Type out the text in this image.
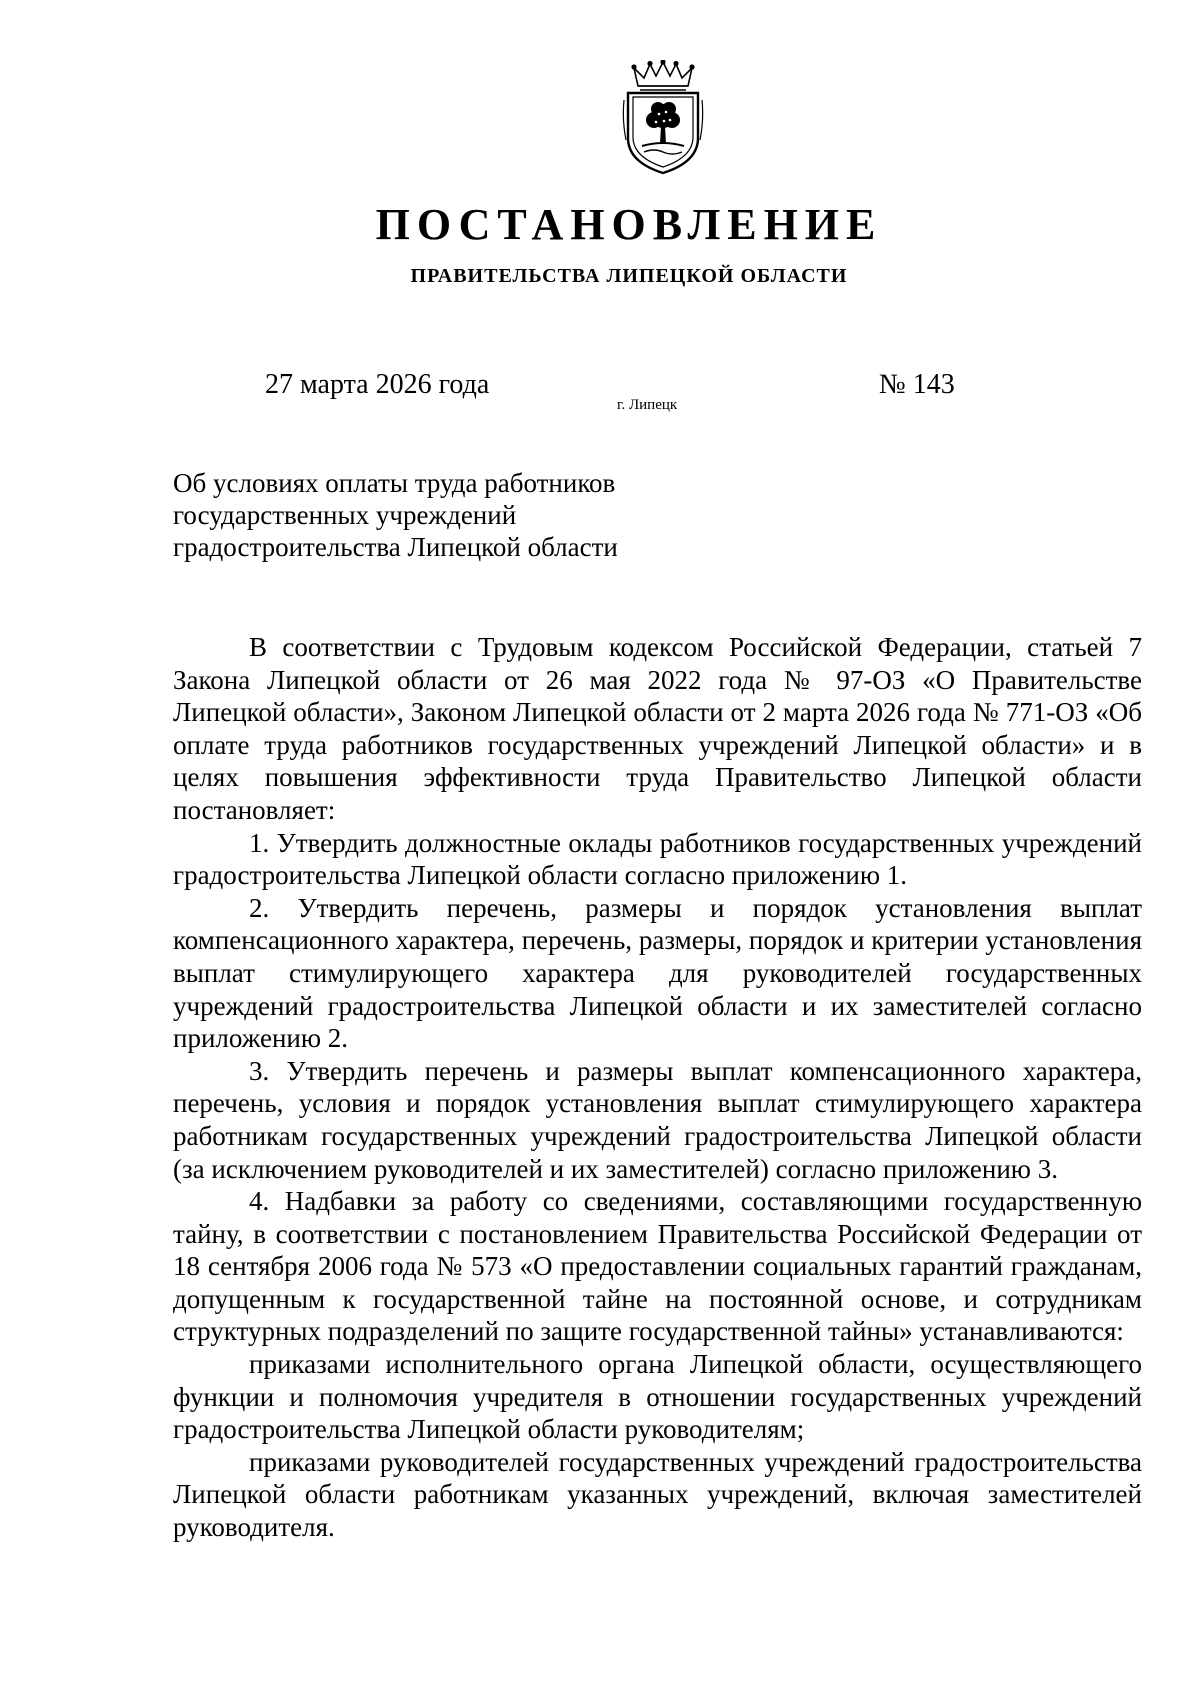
ПОСТАНОВЛЕНИЕ
ПРАВИТЕЛЬСТВА ЛИПЕЦКОЙ ОБЛАСТИ
27 марта 2026 года
г. Липецк
№ 143
Об условиях оплаты труда работников
государственных учреждений
градостроительства Липецкой области

В соответствии с Трудовым кодексом Российской Федерации, статьей 7 Закона Липецкой области от 26 мая 2022 года № 97-ОЗ «О Правительстве Липецкой области», Законом Липецкой области от 2 марта 2026 года № 771-ОЗ «Об оплате труда работников государственных учреждений Липецкой области» и в целях повышения эффективности труда Правительство Липецкой области постановляет:

1. Утвердить должностные оклады работников государственных учреждений градостроительства Липецкой области согласно приложению 1.

2. Утвердить перечень, размеры и порядок установления выплат компенсационного характера, перечень, размеры, порядок и критерии установления выплат стимулирующего характера для руководителей государственных учреждений градостроительства Липецкой области и их заместителей согласно приложению 2.

3. Утвердить перечень и размеры выплат компенсационного характера, перечень, условия и порядок установления выплат стимулирующего характера работникам государственных учреждений градостроительства Липецкой области (за исключением руководителей и их заместителей) согласно приложению 3.

4. Надбавки за работу со сведениями, составляющими государственную тайну, в соответствии с постановлением Правительства Российской Федерации от 18 сентября 2006 года № 573 «О предоставлении социальных гарантий гражданам, допущенным к государственной тайне на постоянной основе, и сотрудникам структурных подразделений по защите государственной тайны» устанавливаются:

приказами исполнительного органа Липецкой области, осуществляющего функции и полномочия учредителя в отношении государственных учреждений градостроительства Липецкой области руководителям;

приказами руководителей государственных учреждений градостроительства Липецкой области работникам указанных учреждений, включая заместителей руководителя.
